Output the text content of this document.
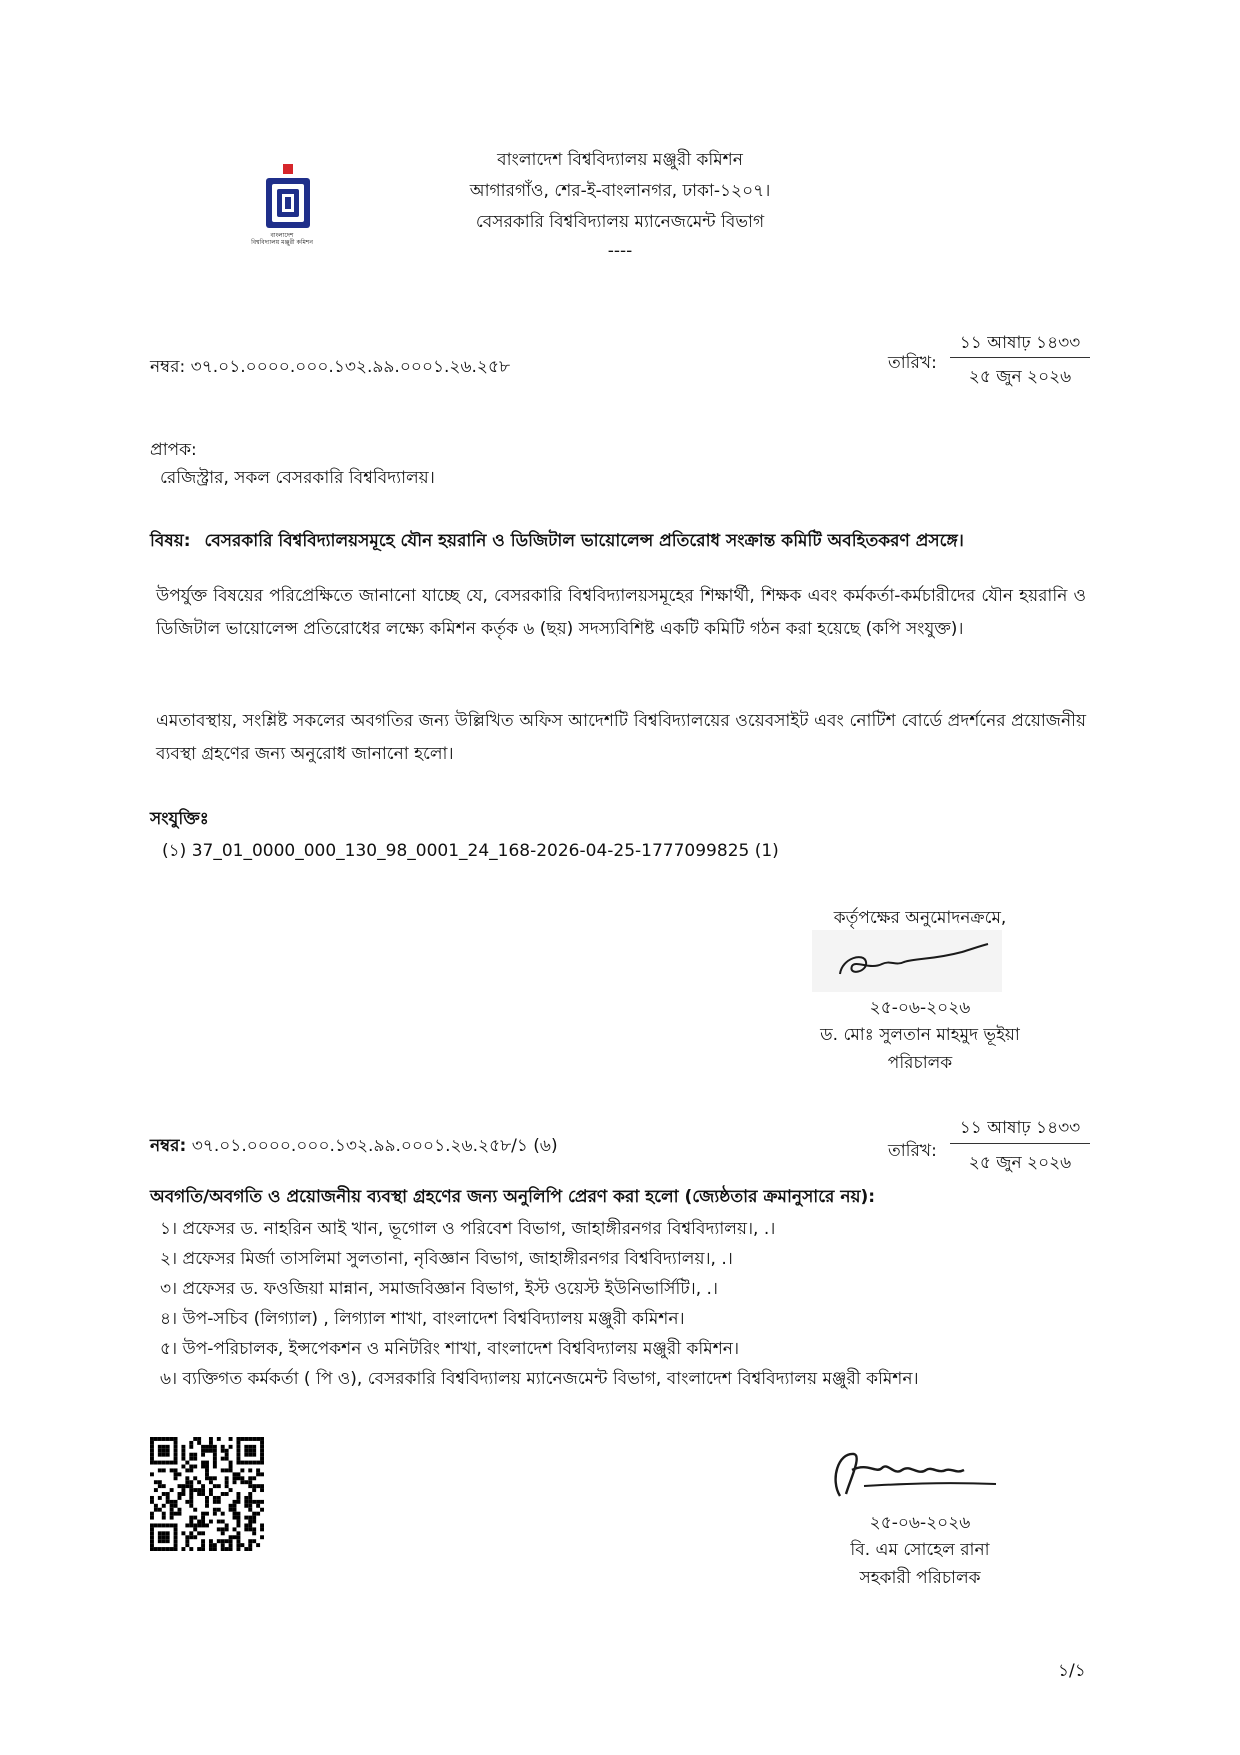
বাংলাদেশ
বিশ্ববিদ্যালয় মঞ্জুরী কমিশন
বাংলাদেশ বিশ্ববিদ্যালয় মঞ্জুরী কমিশন
আগারগাঁও, শের-ই-বাংলানগর, ঢাকা-১২০৭।
বেসরকারি বিশ্ববিদ্যালয় ম্যানেজমেন্ট বিভাগ
----
নম্বর: ৩৭.০১.০০০০.০০০.১৩২.৯৯.০০০১.২৬.২৫৮	তারিখ:
১১ আষাঢ় ১৪৩৩
২৫ জুন ২০২৬
প্রাপক:
রেজিস্ট্রার, সকল বেসরকারি বিশ্ববিদ্যালয়।
বিষয়: বেসরকারি বিশ্ববিদ্যালয়সমূহে যৌন হয়রানি ও ডিজিটাল ভায়োলেন্স প্রতিরোধ সংক্রান্ত কমিটি অবহিতকরণ প্রসঙ্গে।
উপর্যুক্ত বিষয়ের পরিপ্রেক্ষিতে জানানো যাচ্ছে যে, বেসরকারি বিশ্ববিদ্যালয়সমূহের শিক্ষার্থী, শিক্ষক এবং কর্মকর্তা-কর্মচারীদের যৌন হয়রানি ও ডিজিটাল ভায়োলেন্স প্রতিরোধের লক্ষ্যে কমিশন কর্তৃক ৬ (ছয়) সদস্যবিশিষ্ট একটি কমিটি গঠন করা হয়েছে (কপি সংযুক্ত)।
এমতাবস্থায়, সংশ্লিষ্ট সকলের অবগতির জন্য উল্লিখিত অফিস আদেশটি বিশ্ববিদ্যালয়ের ওয়েবসাইট এবং নোটিশ বোর্ডে প্রদর্শনের প্রয়োজনীয় ব্যবস্থা গ্রহণের জন্য অনুরোধ জানানো হলো।
সংযুক্তিঃ
(১) 37_01_0000_000_130_98_0001_24_168-2026-04-25-1777099825 (1)
কর্তৃপক্ষের অনুমোদনক্রমে,
২৫-০৬-২০২৬
ড. মোঃ সুলতান মাহমুদ ভূইয়া
পরিচালক
নম্বর: ৩৭.০১.০০০০.০০০.১৩২.৯৯.০০০১.২৬.২৫৮/১ (৬)	তারিখ:
১১ আষাঢ় ১৪৩৩
২৫ জুন ২০২৬
অবগতি/অবগতি ও প্রয়োজনীয় ব্যবস্থা গ্রহণের জন্য অনুলিপি প্রেরণ করা হলো (জ্যেষ্ঠতার ক্রমানুসারে নয়):
১। প্রফেসর ড. নাহরিন আই খান, ভূগোল ও পরিবেশ বিভাগ, জাহাঙ্গীরনগর বিশ্ববিদ্যালয়।, .।
২। প্রফেসর মির্জা তাসলিমা সুলতানা, নৃবিজ্ঞান বিভাগ, জাহাঙ্গীরনগর বিশ্ববিদ্যালয়।, .।
৩। প্রফেসর ড. ফওজিয়া মান্নান, সমাজবিজ্ঞান বিভাগ, ইস্ট ওয়েস্ট ইউনিভার্সিটি।, .।
৪। উপ-সচিব (লিগ্যাল) , লিগ্যাল শাখা, বাংলাদেশ বিশ্ববিদ্যালয় মঞ্জুরী কমিশন।
৫। উপ-পরিচালক, ইন্সপেকশন ও মনিটরিং শাখা, বাংলাদেশ বিশ্ববিদ্যালয় মঞ্জুরী কমিশন।
৬। ব্যক্তিগত কর্মকর্তা ( পি ও), বেসরকারি বিশ্ববিদ্যালয় ম্যানেজমেন্ট বিভাগ, বাংলাদেশ বিশ্ববিদ্যালয় মঞ্জুরী কমিশন।
২৫-০৬-২০২৬
বি. এম সোহেল রানা
সহকারী পরিচালক
১/১
